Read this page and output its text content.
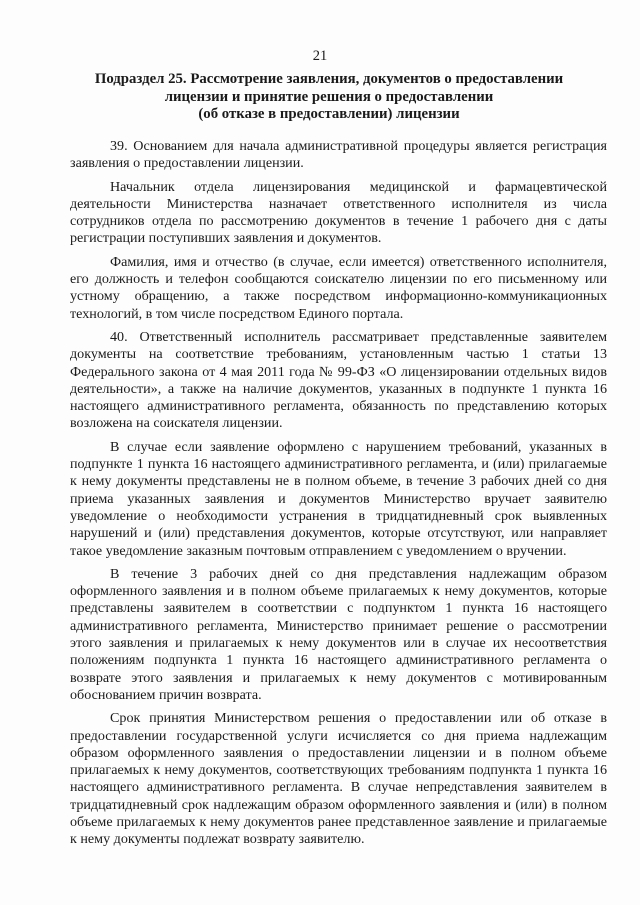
21
Подраздел 25. Рассмотрение заявления, документов о предоставлении
лицензии и принятие решения о предоставлении
(об отказе в предоставлении) лицензии

39. Основанием для начала административной процедуры является регистрация заявления о предоставлении лицензии.

Начальник отдела лицензирования медицинской и фармацевтической деятельности Министерства назначает ответственного исполнителя из числа сотрудников отдела по рассмотрению документов в течение 1 рабочего дня с даты регистрации поступивших заявления и документов.

Фамилия, имя и отчество (в случае, если имеется) ответственного исполнителя, его должность и телефон сообщаются соискателю лицензии по его письменному или устному обращению, а также посредством информационно-коммуникационных технологий, в том числе посредством Единого портала.

40. Ответственный исполнитель рассматривает представленные заявителем документы на соответствие требованиям, установленным частью 1 статьи 13 Федерального закона от 4 мая 2011 года № 99-ФЗ «О лицензировании отдельных видов деятельности», а также на наличие документов, указанных в подпункте 1 пункта 16 настоящего административного регламента, обязанность по представлению которых возложена на соискателя лицензии.

В случае если заявление оформлено с нарушением требований, указанных в подпункте 1 пункта 16 настоящего административного регламента, и (или) прилагаемые к нему документы представлены не в полном объеме, в течение 3 рабочих дней со дня приема указанных заявления и документов Министерство вручает заявителю уведомление о необходимости устранения в тридцатидневный срок выявленных нарушений и (или) представления документов, которые отсутствуют, или направляет такое уведомление заказным почтовым отправлением с уведомлением о вручении.

В течение 3 рабочих дней со дня представления надлежащим образом оформленного заявления и в полном объеме прилагаемых к нему документов, которые представлены заявителем в соответствии с подпунктом 1 пункта 16 настоящего административного регламента, Министерство принимает решение о рассмотрении этого заявления и прилагаемых к нему документов или в случае их несоответствия положениям подпункта 1 пункта 16 настоящего административного регламента о возврате этого заявления и прилагаемых к нему документов с мотивированным обоснованием причин возврата.

Срок принятия Министерством решения о предоставлении или об отказе в предоставлении государственной услуги исчисляется со дня приема надлежащим образом оформленного заявления о предоставлении лицензии и в полном объеме прилагаемых к нему документов, соответствующих требованиям подпункта 1 пункта 16 настоящего административного регламента. В случае непредставления заявителем в тридцатидневный срок надлежащим образом оформленного заявления и (или) в полном объеме прилагаемых к нему документов ранее представленное заявление и прилагаемые к нему документы подлежат возврату заявителю.
